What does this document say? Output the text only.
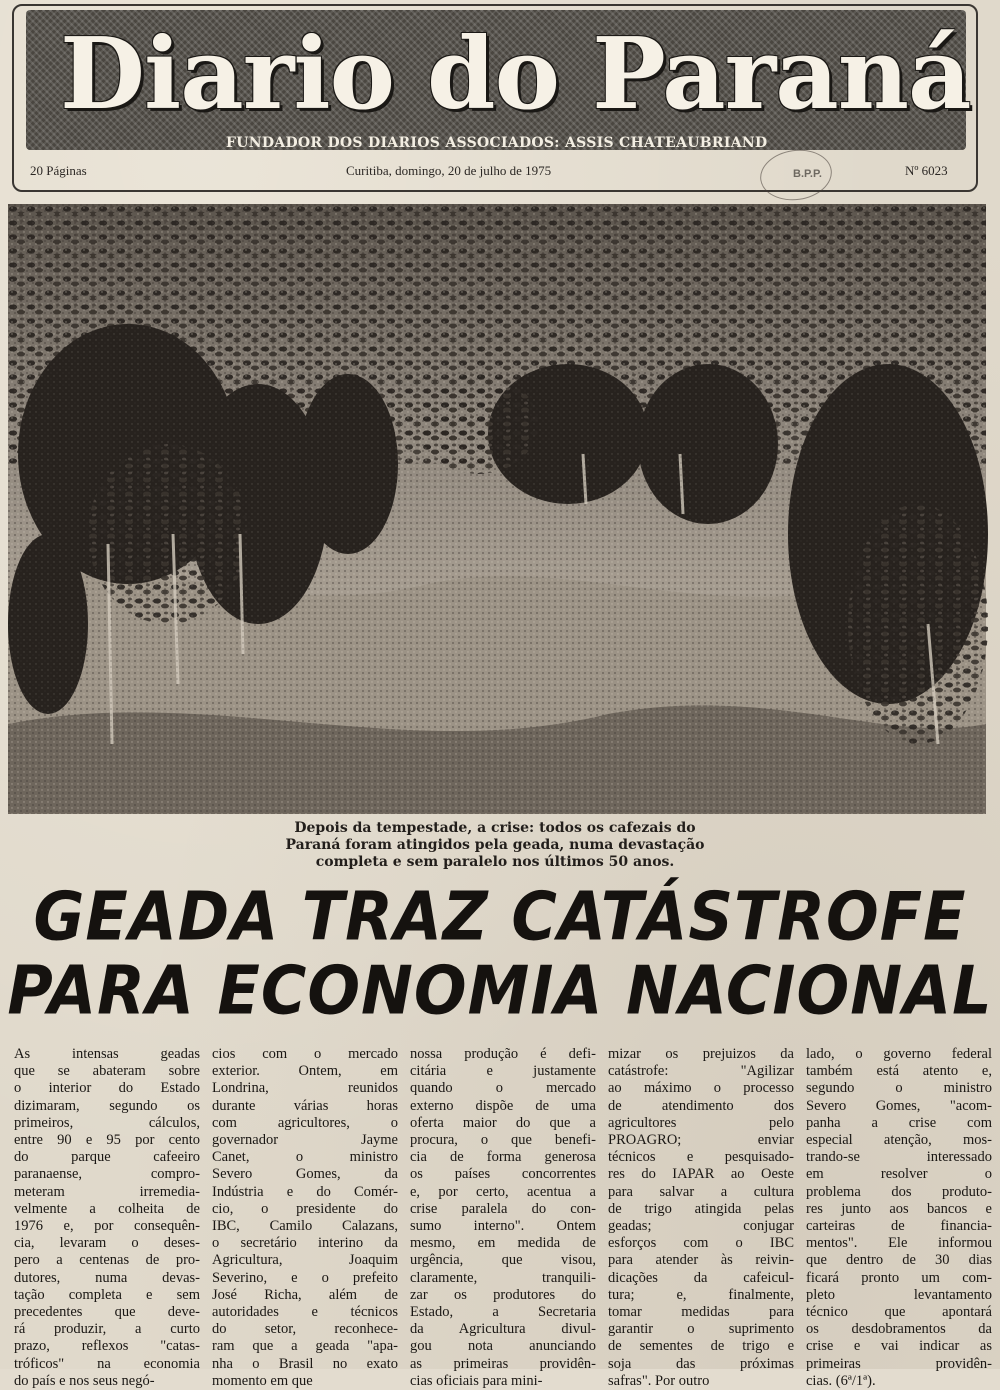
Diario do Paraná
FUNDADOR DOS DIARIOS ASSOCIADOS: ASSIS CHATEAUBRIAND
20 Páginas	Curitiba, domingo, 20 de julho de 1975	Nº 6023
B.P.P.
Depois da tempestade, a crise: todos os cafezais do
Paraná foram atingidos pela geada, numa devastação
completa e sem paralelo nos últimos 50 anos.
GEADA TRAZ CATÁSTROFE
PARA ECONOMIA NACIONAL
As intensas geadas
que se abateram sobre
o interior do Estado
dizimaram, segundo os
primeiros, cálculos,
entre 90 e 95 por cento
do parque cafeeiro
paranaense, compro-
meteram irremedia-
velmente a colheita de
1976 e, por consequên-
cia, levaram o deses-
pero a centenas de pro-
dutores, numa devas-
tação completa e sem
precedentes que deve-
rá produzir, a curto
prazo, reflexos "catas-
tróficos" na economia
do país e nos seus negó-
cios com o mercado
exterior. Ontem, em
Londrina, reunidos
durante várias horas
com agricultores, o
governador Jayme
Canet, o ministro
Severo Gomes, da
Indústria e do Comér-
cio, o presidente do
IBC, Camilo Calazans,
o secretário interino da
Agricultura, Joaquim
Severino, e o prefeito
José Richa, além de
autoridades e técnicos
do setor, reconhece-
ram que a geada "apa-
nha o Brasil no exato
momento em que
nossa produção é defi-
citária e justamente
quando o mercado
externo dispõe de uma
oferta maior do que a
procura, o que benefi-
cia de forma generosa
os países concorrentes
e, por certo, acentua a
crise paralela do con-
sumo interno". Ontem
mesmo, em medida de
urgência, que visou,
claramente, tranquili-
zar os produtores do
Estado, a Secretaria
da Agricultura divul-
gou nota anunciando
as primeiras providên-
cias oficiais para mini-
mizar os prejuizos da
catástrofe: "Agilizar
ao máximo o processo
de atendimento dos
agricultores pelo
PROAGRO; enviar
técnicos e pesquisado-
res do IAPAR ao Oeste
para salvar a cultura
de trigo atingida pelas
geadas; conjugar
esforços com o IBC
para atender às reivin-
dicações da cafeicul-
tura; e, finalmente,
tomar medidas para
garantir o suprimento
de sementes de trigo e
soja das próximas
safras". Por outro
lado, o governo federal
também está atento e,
segundo o ministro
Severo Gomes, "acom-
panha a crise com
especial atenção, mos-
trando-se interessado
em resolver o
problema dos produto-
res junto aos bancos e
carteiras de financia-
mentos". Ele informou
que dentro de 30 dias
ficará pronto um com-
pleto levantamento
técnico que apontará
os desdobramentos da
crise e vai indicar as
primeiras providên-
cias. (6ª/1ª).
